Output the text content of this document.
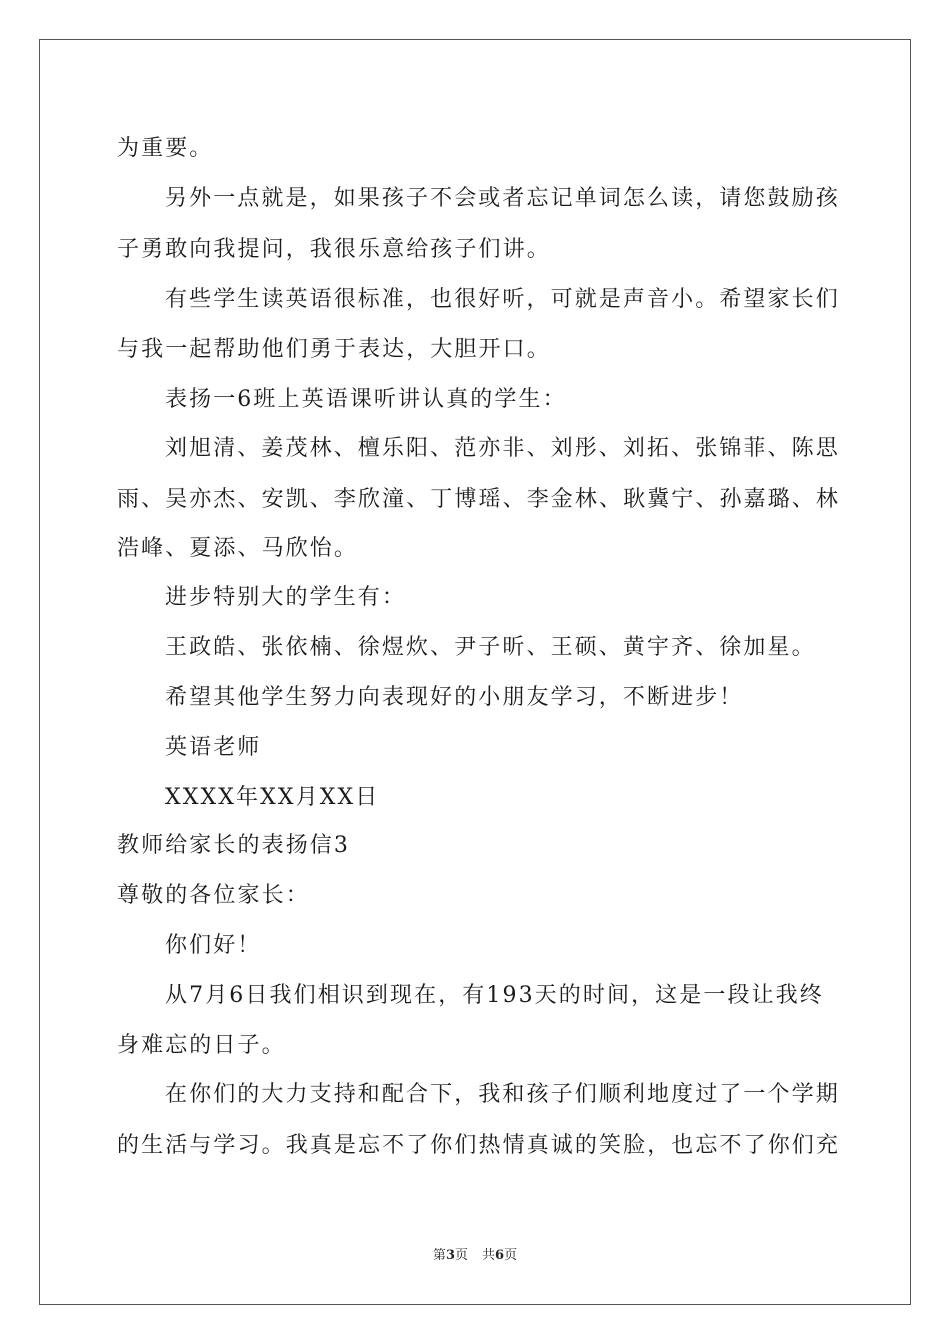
为重要。
另外一点就是，如果孩子不会或者忘记单词怎么读，请您鼓励孩
子勇敢向我提问，我很乐意给孩子们讲。
有些学生读英语很标准，也很好听，可就是声音小。希望家长们
与我一起帮助他们勇于表达，大胆开口。
表扬一6班上英语课听讲认真的学生：
刘旭清、姜茂林、檀乐阳、范亦非、刘彤、刘拓、张锦菲、陈思
雨、吴亦杰、安凯、李欣潼、丁博瑶、李金林、耿冀宁、孙嘉璐、林
浩峰、夏添、马欣怡。
进步特别大的学生有：
王政皓、张依楠、徐煜炊、尹子昕、王硕、黄宇齐、徐加星。
希望其他学生努力向表现好的小朋友学习，不断进步！
英语老师
XXXX年XX月XX日
教师给家长的表扬信3
尊敬的各位家长：
你们好！
从7月6日我们相识到现在，有193天的时间，这是一段让我终
身难忘的日子。
在你们的大力支持和配合下，我和孩子们顺利地度过了一个学期
的生活与学习。我真是忘不了你们热情真诚的笑脸，也忘不了你们充
第3页 共6页
